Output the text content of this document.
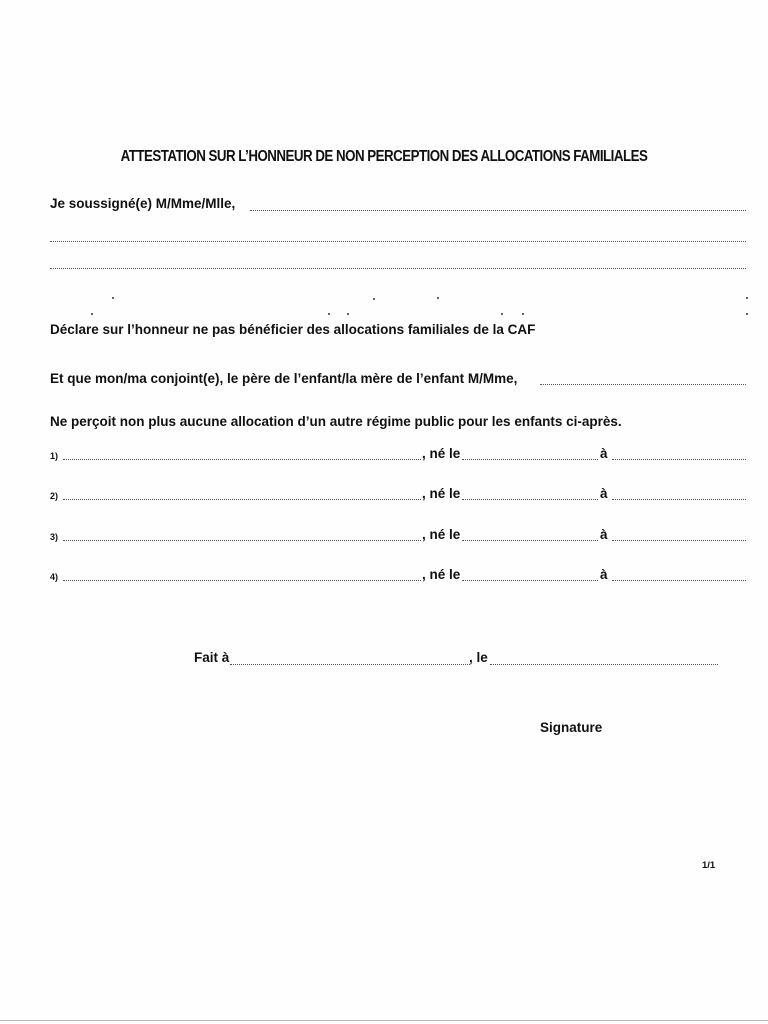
ATTESTATION SUR L’HONNEUR DE NON PERCEPTION DES ALLOCATIONS FAMILIALES
Je soussigné(e) M/Mme/Mlle,
Déclare sur l’honneur ne pas bénéficier des allocations familiales de la CAF
Et que mon/ma conjoint(e), le père de l’enfant/la mère de l’enfant M/Mme,
Ne perçoit non plus aucune allocation d’un autre régime public pour les enfants ci-après.
1)	, né le	à
2)	, né le	à
3)	, né le	à
4)	, né le	à
Fait à	, le
Signature
1/1
